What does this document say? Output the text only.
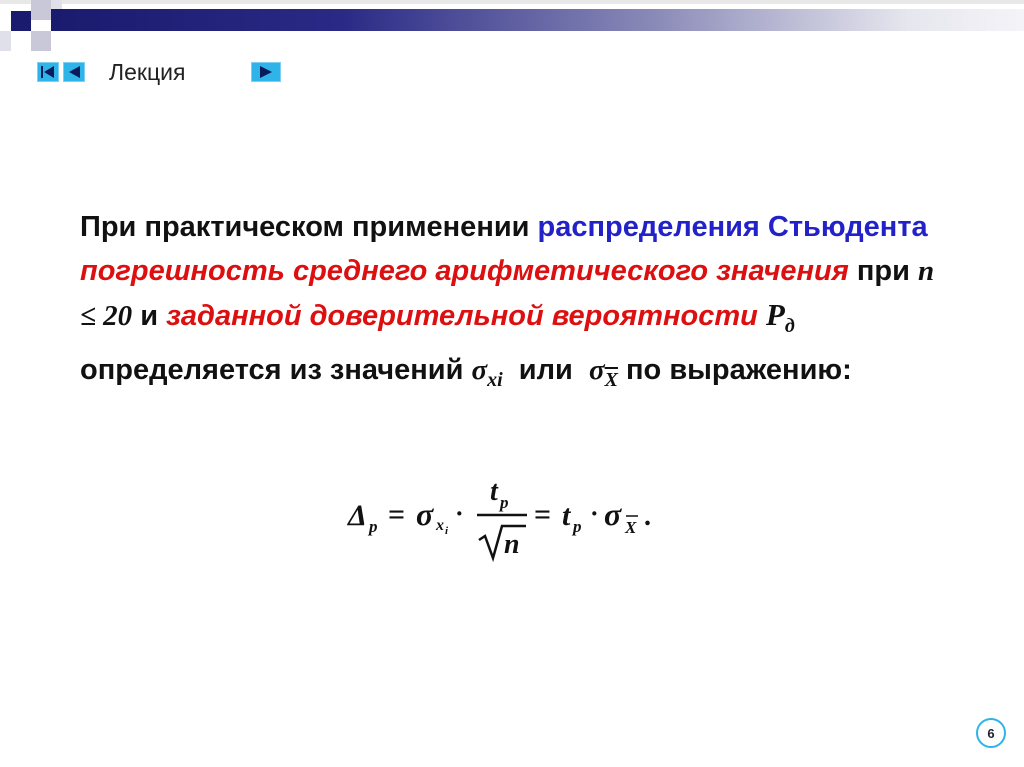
Лекция
При практическом применении распределения Стьюдента погрешность среднего арифметического значения при n ≤ 20 и заданной доверительной вероятности $P_д$ определяется из значений $\sigma_{xi}$  или  $\sigma_{\overline{X}}$ по выражению:
Δ p = σ x i
·
t p
n
= t p · σ X .
6
